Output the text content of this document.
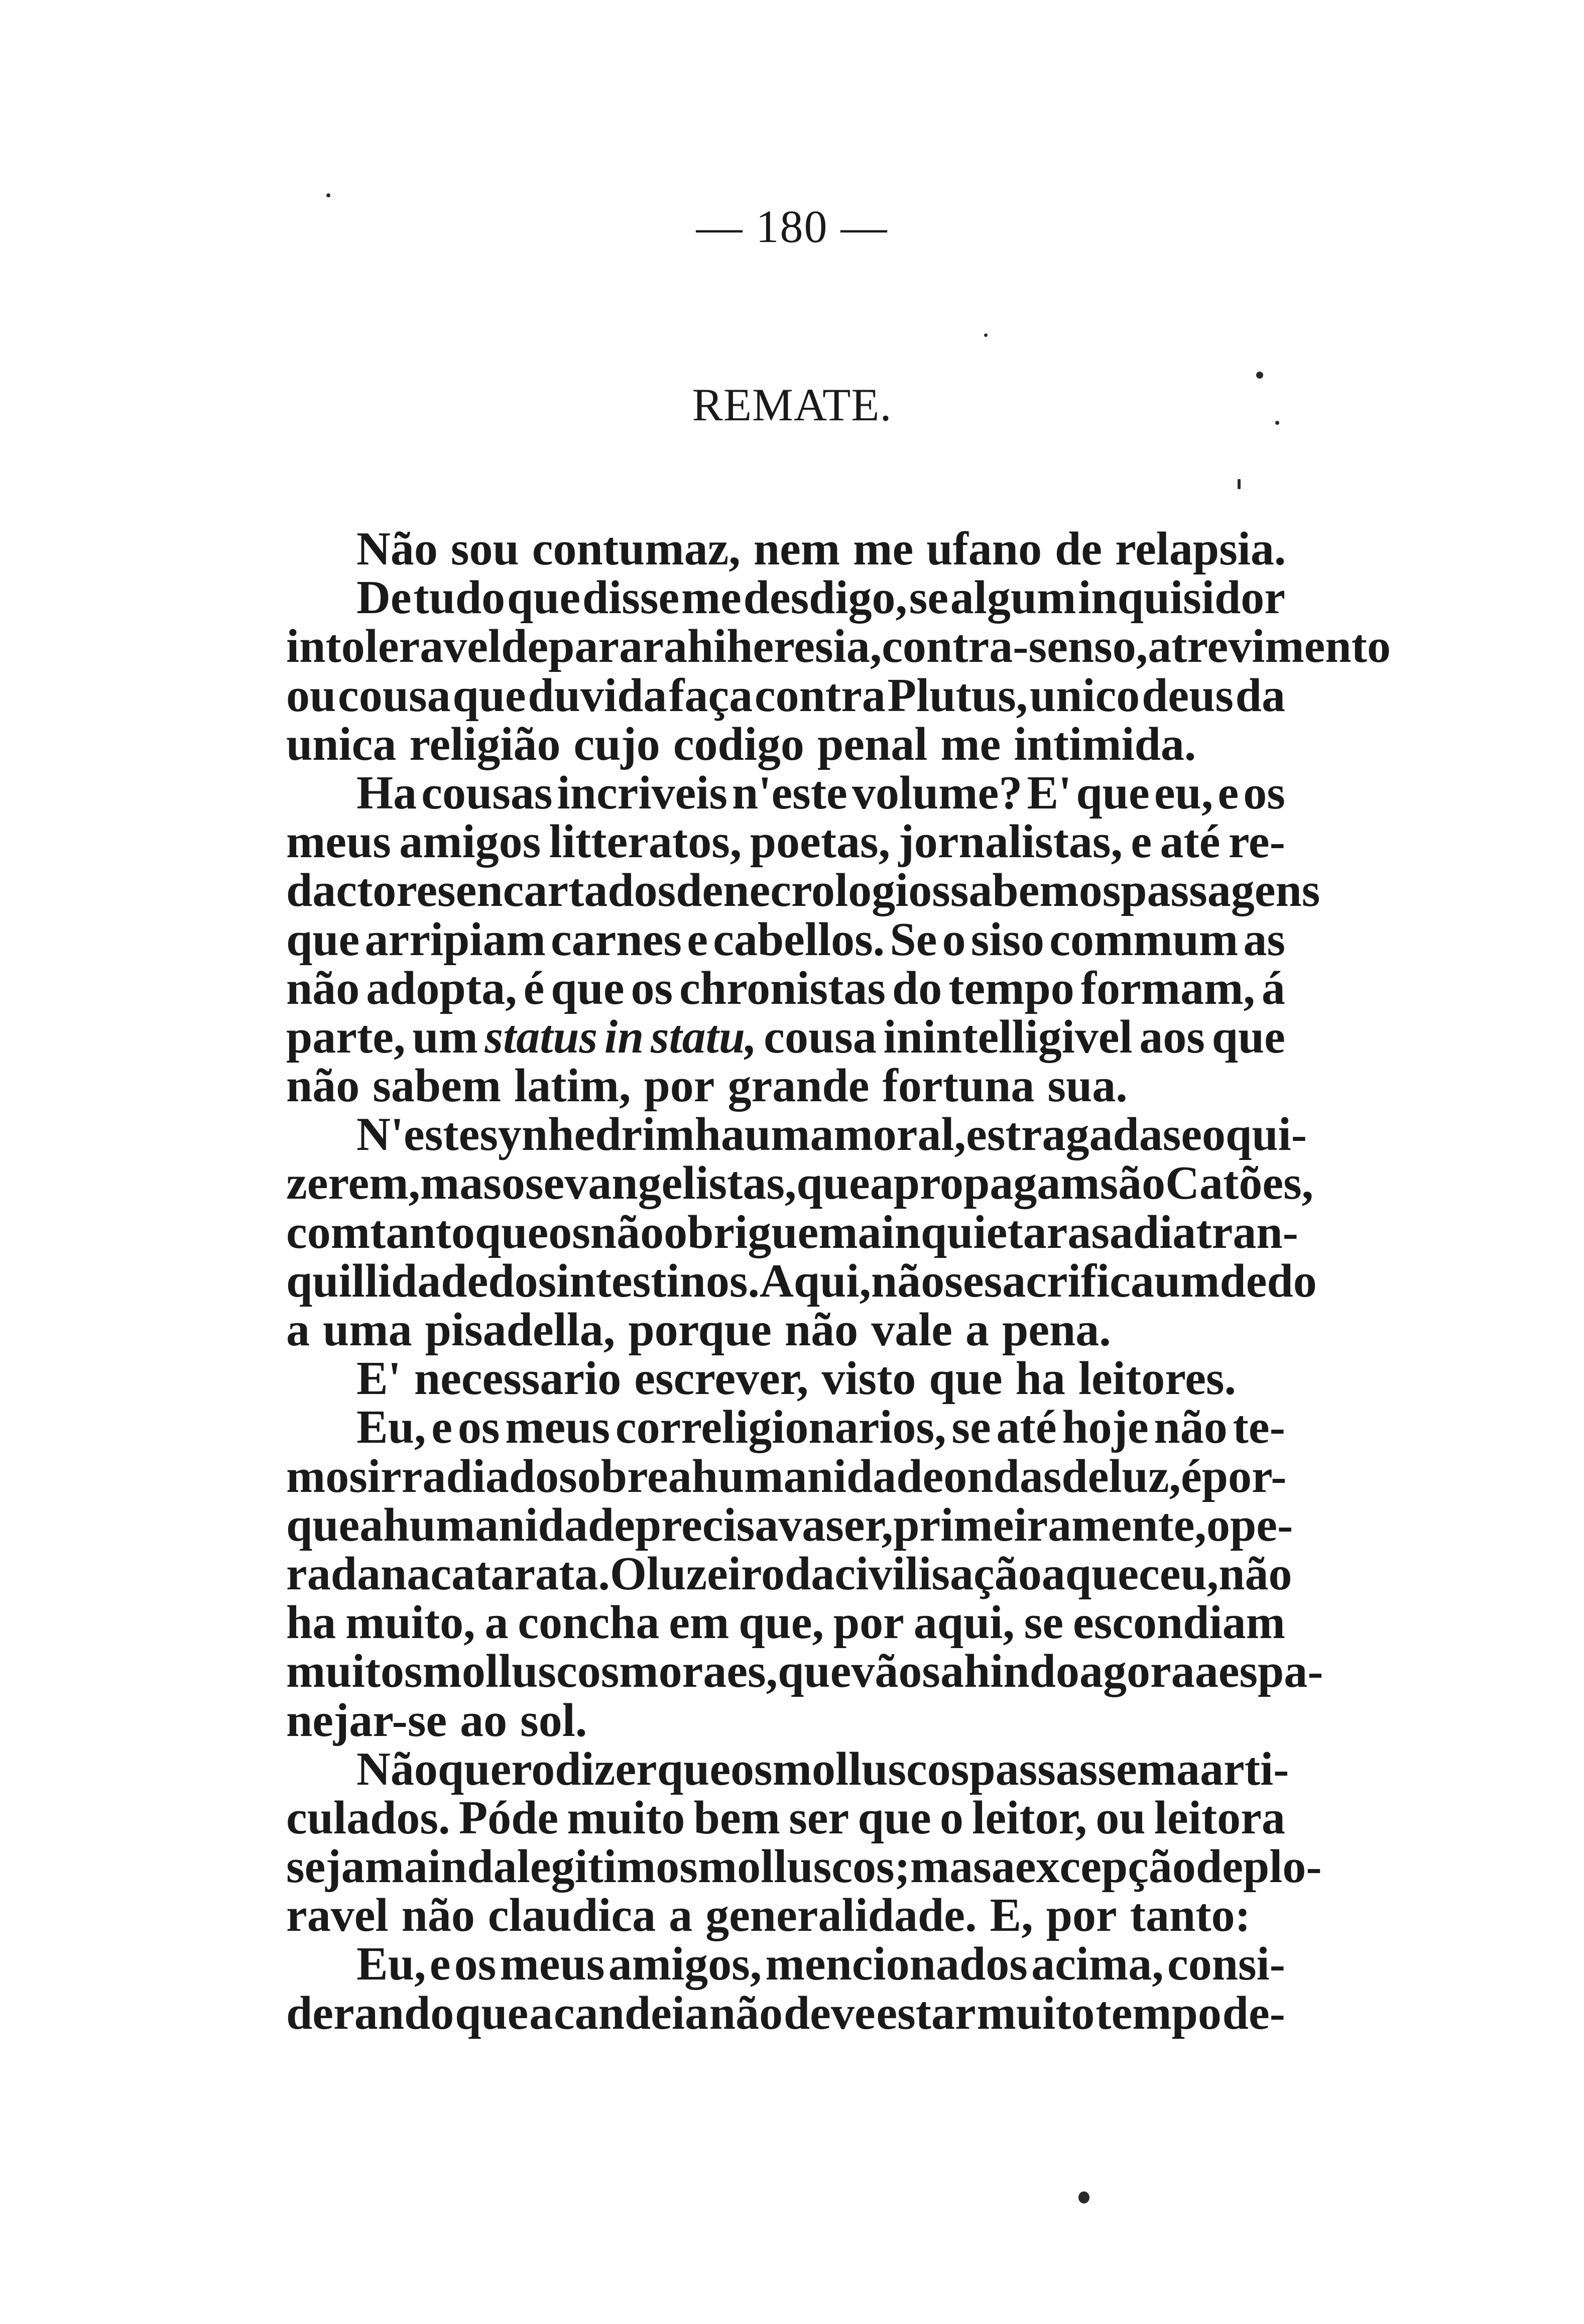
— 180 —
REMATE.
Não sou contumaz, nem me ufano de relapsia.
De tudo que disse me desdigo, se algum inquisidor
intoleravel deparar ahi heresia, contra-senso, atrevimento
ou cousa que duvida faça contra Plutus, unico deus da
unica religião cujo codigo penal me intimida.
Ha cousas incriveis n'este volume? E' que eu, e os
meus amigos litteratos, poetas, jornalistas, e até re-
dactores encartados de necrologios sabemos passagens
que arripiam carnes e cabellos. Se o siso commum as
não adopta, é que os chronistas do tempo formam, á
parte, um status in statu, cousa inintelligivel aos que
não sabem latim, por grande fortuna sua.
N'este synhedrim ha uma moral, estragada se o qui-
zerem, mas os evangelistas, que a propagam são Catões,
com tanto que os não obriguem a inquietar a sadia tran-
quillidade dos intestinos. Aqui, não se sacrifica um dedo
a uma pisadella, porque não vale a pena.
E' necessario escrever, visto que ha leitores.
Eu, e os meus correligionarios, se até hoje não te-
mos irradiado sobre a humanidade ondas de luz, é por-
que a humanidade precisava ser, primeiramente, ope-
rada na catarata. O luzeiro da civilisação aqueceu, não
ha muito, a concha em que, por aqui, se escondiam
muitos molluscos moraes, que vão sahindo agora a espa-
nejar-se ao sol.
Não quero dizer que os molluscos passassem a arti-
culados. Póde muito bem ser que o leitor, ou leitora
sejam ainda legitimos molluscos; mas a excepção deplo-
ravel não claudica a generalidade. E, por tanto:
Eu, e os meus amigos, mencionados acima, consi-
derando que a candeia não deve estar muito tempo de-
